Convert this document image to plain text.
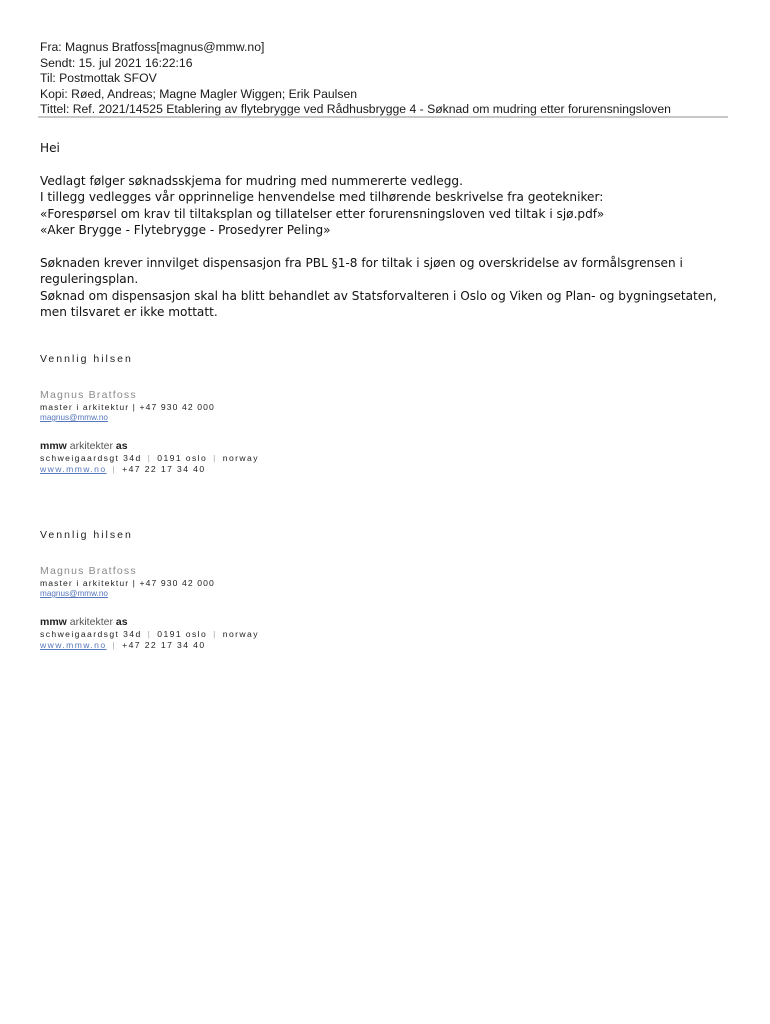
Fra: Magnus Bratfoss[magnus@mmw.no]
Sendt: 15. jul 2021 16:22:16
Til: Postmottak SFOV
Kopi: Røed, Andreas; Magne Magler Wiggen; Erik Paulsen
Tittel: Ref. 2021/14525 Etablering av flytebrygge ved Rådhusbrygge 4 - Søknad om mudring etter forurensningsloven
Hei
Vedlagt følger søknadsskjema for mudring med nummererte vedlegg.
I tillegg vedlegges vår opprinnelige henvendelse med tilhørende beskrivelse fra geotekniker:
«Forespørsel om krav til tiltaksplan og tillatelser etter forurensningsloven ved tiltak i sjø.pdf»
«Aker Brygge - Flytebrygge - Prosedyrer Peling»
Søknaden krever innvilget dispensasjon fra PBL §1-8 for tiltak i sjøen og overskridelse av formålsgrensen i
reguleringsplan.
Søknad om dispensasjon skal ha blitt behandlet av Statsforvalteren i Oslo og Viken og Plan- og bygningsetaten,
men tilsvaret er ikke mottatt.
Vennlig hilsen
Magnus Bratfoss
master i arkitektur | +47 930 42 000
magnus@mmw.no
mmw arkitekter as
schweigaardsgt 34d | 0191 oslo | norway
www.mmw.no | +47 22 17 34 40
Vennlig hilsen
Magnus Bratfoss
master i arkitektur | +47 930 42 000
magnus@mmw.no
mmw arkitekter as
schweigaardsgt 34d | 0191 oslo | norway
www.mmw.no | +47 22 17 34 40
